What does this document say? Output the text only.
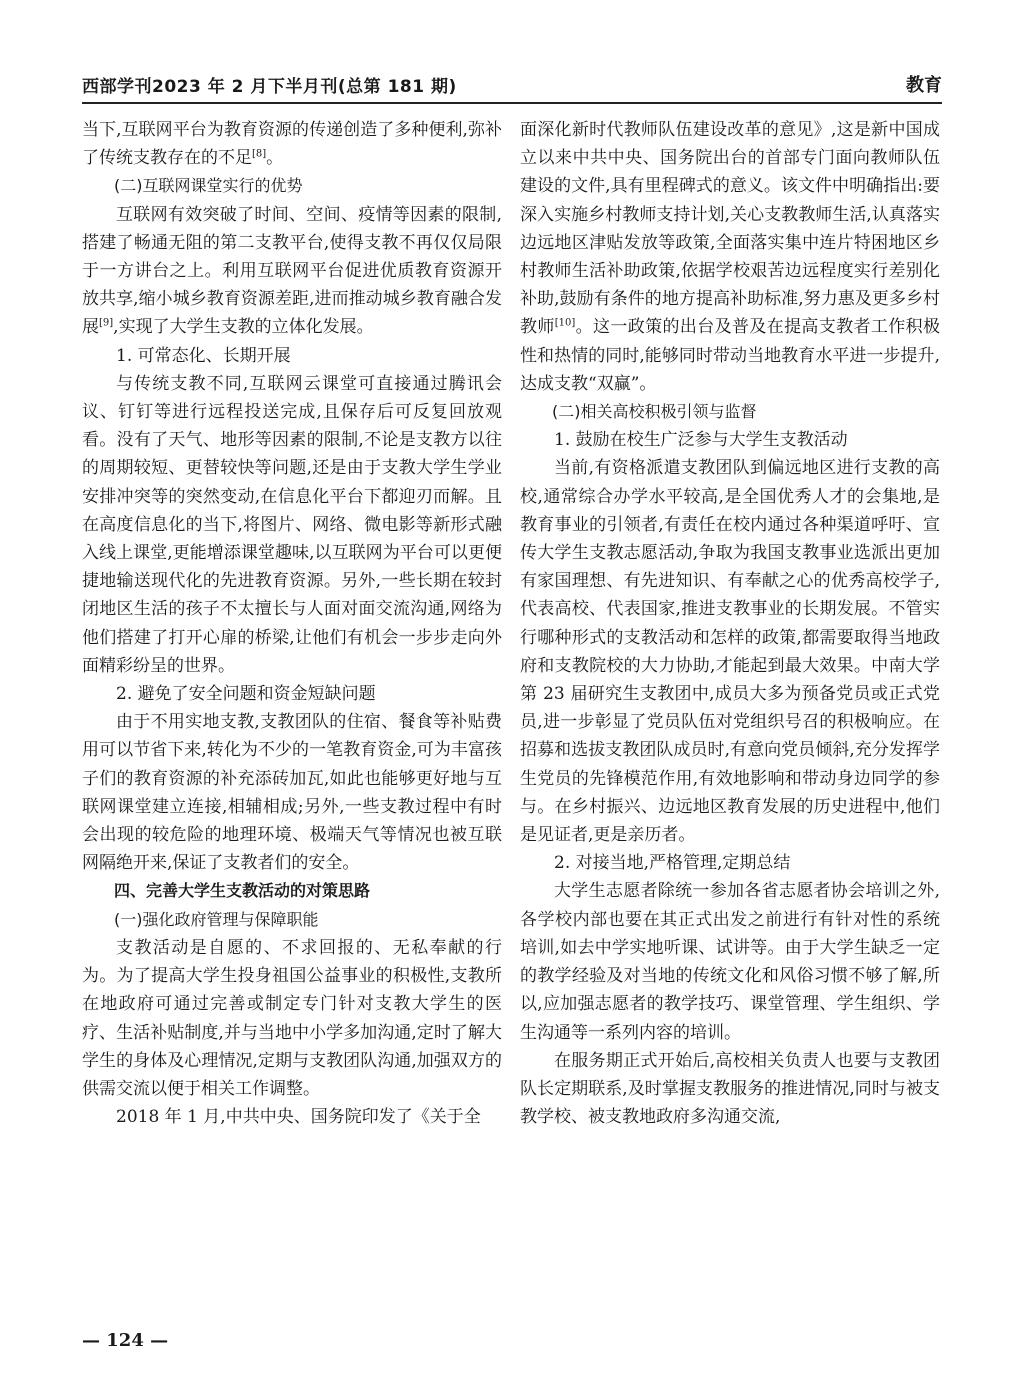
西部学刊2023 年 2 月下半月刊(总第 181 期)	教育

当下,互联网平台为教育资源的传递创造了多种便利,弥补了传统支教存在的不足[8]。

(二)互联网课堂实行的优势

互联网有效突破了时间、空间、疫情等因素的限制,搭建了畅通无阻的第二支教平台,使得支教不再仅仅局限于一方讲台之上。利用互联网平台促进优质教育资源开放共享,缩小城乡教育资源差距,进而推动城乡教育融合发展[9],实现了大学生支教的立体化发展。

1. 可常态化、长期开展

与传统支教不同,互联网云课堂可直接通过腾讯会议、钉钉等进行远程投送完成,且保存后可反复回放观看。没有了天气、地形等因素的限制,不论是支教方以往的周期较短、更替较快等问题,还是由于支教大学生学业安排冲突等的突然变动,在信息化平台下都迎刃而解。且在高度信息化的当下,将图片、网络、微电影等新形式融入线上课堂,更能增添课堂趣味,以互联网为平台可以更便捷地输送现代化的先进教育资源。另外,一些长期在较封闭地区生活的孩子不太擅长与人面对面交流沟通,网络为他们搭建了打开心扉的桥梁,让他们有机会一步步走向外面精彩纷呈的世界。

2. 避免了安全问题和资金短缺问题

由于不用实地支教,支教团队的住宿、餐食等补贴费用可以节省下来,转化为不少的一笔教育资金,可为丰富孩子们的教育资源的补充添砖加瓦,如此也能够更好地与互联网课堂建立连接,相辅相成;另外,一些支教过程中有时会出现的较危险的地理环境、极端天气等情况也被互联网隔绝开来,保证了支教者们的安全。

四、完善大学生支教活动的对策思路

(一)强化政府管理与保障职能

支教活动是自愿的、不求回报的、无私奉献的行为。为了提高大学生投身祖国公益事业的积极性,支教所在地政府可通过完善或制定专门针对支教大学生的医疗、生活补贴制度,并与当地中小学多加沟通,定时了解大学生的身体及心理情况,定期与支教团队沟通,加强双方的供需交流以便于相关工作调整。

2018 年 1 月,中共中央、国务院印发了《关于全

面深化新时代教师队伍建设改革的意见》,这是新中国成立以来中共中央、国务院出台的首部专门面向教师队伍建设的文件,具有里程碑式的意义。该文件中明确指出:要深入实施乡村教师支持计划,关心支教教师生活,认真落实边远地区津贴发放等政策,全面落实集中连片特困地区乡村教师生活补助政策,依据学校艰苦边远程度实行差别化补助,鼓励有条件的地方提高补助标准,努力惠及更多乡村教师[10]。这一政策的出台及普及在提高支教者工作积极性和热情的同时,能够同时带动当地教育水平进一步提升,达成支教“双赢”。

(二)相关高校积极引领与监督

1. 鼓励在校生广泛参与大学生支教活动

当前,有资格派遣支教团队到偏远地区进行支教的高校,通常综合办学水平较高,是全国优秀人才的会集地,是教育事业的引领者,有责任在校内通过各种渠道呼吁、宣传大学生支教志愿活动,争取为我国支教事业选派出更加有家国理想、有先进知识、有奉献之心的优秀高校学子,代表高校、代表国家,推进支教事业的长期发展。不管实行哪种形式的支教活动和怎样的政策,都需要取得当地政府和支教院校的大力协助,才能起到最大效果。中南大学第 23 届研究生支教团中,成员大多为预备党员或正式党员,进一步彰显了党员队伍对党组织号召的积极响应。在招募和选拔支教团队成员时,有意向党员倾斜,充分发挥学生党员的先锋模范作用,有效地影响和带动身边同学的参与。在乡村振兴、边远地区教育发展的历史进程中,他们是见证者,更是亲历者。

2. 对接当地,严格管理,定期总结

大学生志愿者除统一参加各省志愿者协会培训之外,各学校内部也要在其正式出发之前进行有针对性的系统培训,如去中学实地听课、试讲等。由于大学生缺乏一定的教学经验及对当地的传统文化和风俗习惯不够了解,所以,应加强志愿者的教学技巧、课堂管理、学生组织、学生沟通等一系列内容的培训。

在服务期正式开始后,高校相关负责人也要与支教团队长定期联系,及时掌握支教服务的推进情况,同时与被支教学校、被支教地政府多沟通交流,

— 124 —
